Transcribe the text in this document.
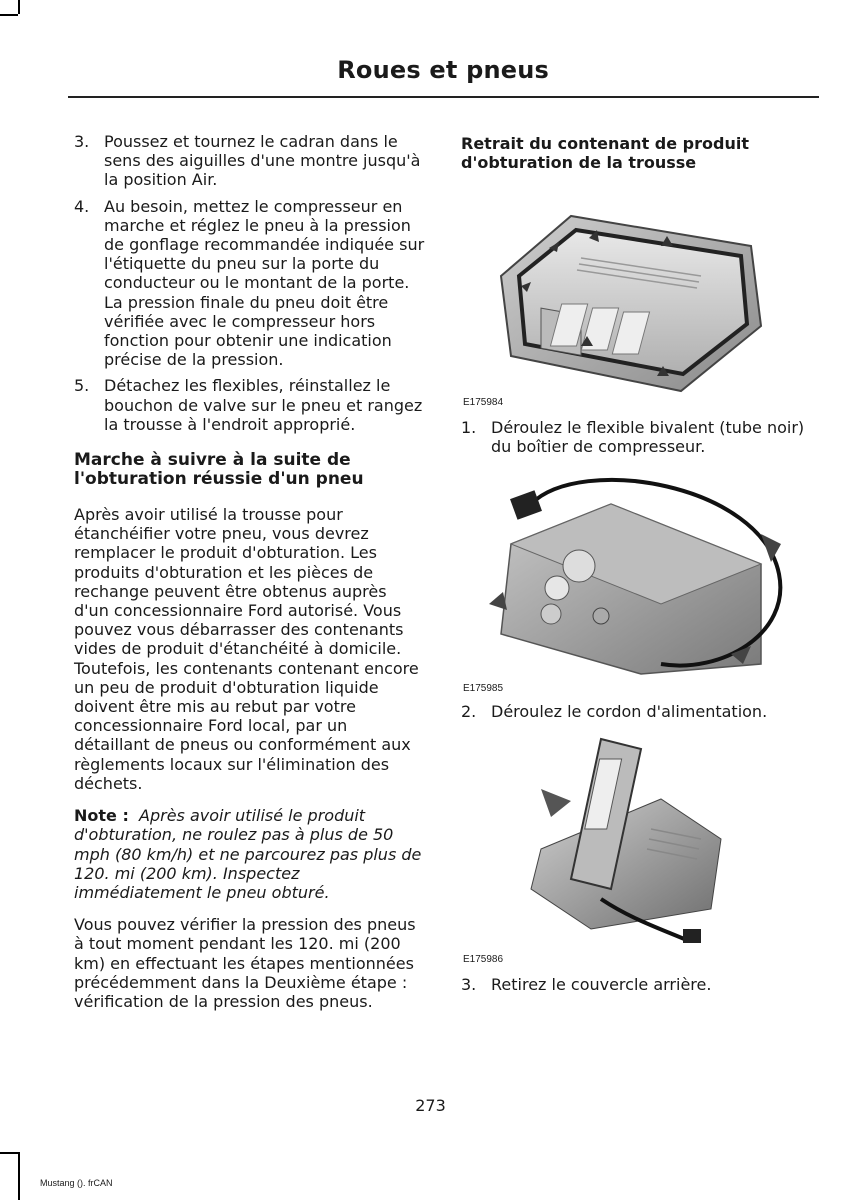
Roues et pneus
3. Poussez et tournez le cadran dans le sens des aiguilles d'une montre jusqu'à la position Air.
4. Au besoin, mettez le compresseur en marche et réglez le pneu à la pression de gonflage recommandée indiquée sur l'étiquette du pneu sur la porte du conducteur ou le montant de la porte. La pression finale du pneu doit être vérifiée avec le compresseur hors fonction pour obtenir une indication précise de la pression.
5. Détachez les flexibles, réinstallez le bouchon de valve sur le pneu et rangez la trousse à l'endroit approprié.
Marche à suivre à la suite de l'obturation réussie d'un pneu

Après avoir utilisé la trousse pour étanchéifier votre pneu, vous devrez remplacer le produit d'obturation. Les produits d'obturation et les pièces de rechange peuvent être obtenus auprès d'un concessionnaire Ford autorisé. Vous pouvez vous débarrasser des contenants vides de produit d'étanchéité à domicile. Toutefois, les contenants contenant encore un peu de produit d'obturation liquide doivent être mis au rebut par votre concessionnaire Ford local, par un détaillant de pneus ou conformément aux règlements locaux sur l'élimination des déchets.

Note : Après avoir utilisé le produit d'obturation, ne roulez pas à plus de 50 mph (80 km/h) et ne parcourez pas plus de 120. mi (200 km). Inspectez immédiatement le pneu obturé.

Vous pouvez vérifier la pression des pneus à tout moment pendant les 120. mi (200 km) en effectuant les étapes mentionnées précédemment dans la Deuxième étape : vérification de la pression des pneus.

Retrait du contenant de produit d'obturation de la trousse
E175984
1. Déroulez le flexible bivalent (tube noir) du boîtier de compresseur.
E175985
2. Déroulez le cordon d'alimentation.
E175986
3. Retirez le couvercle arrière.
273
Mustang (). frCAN
